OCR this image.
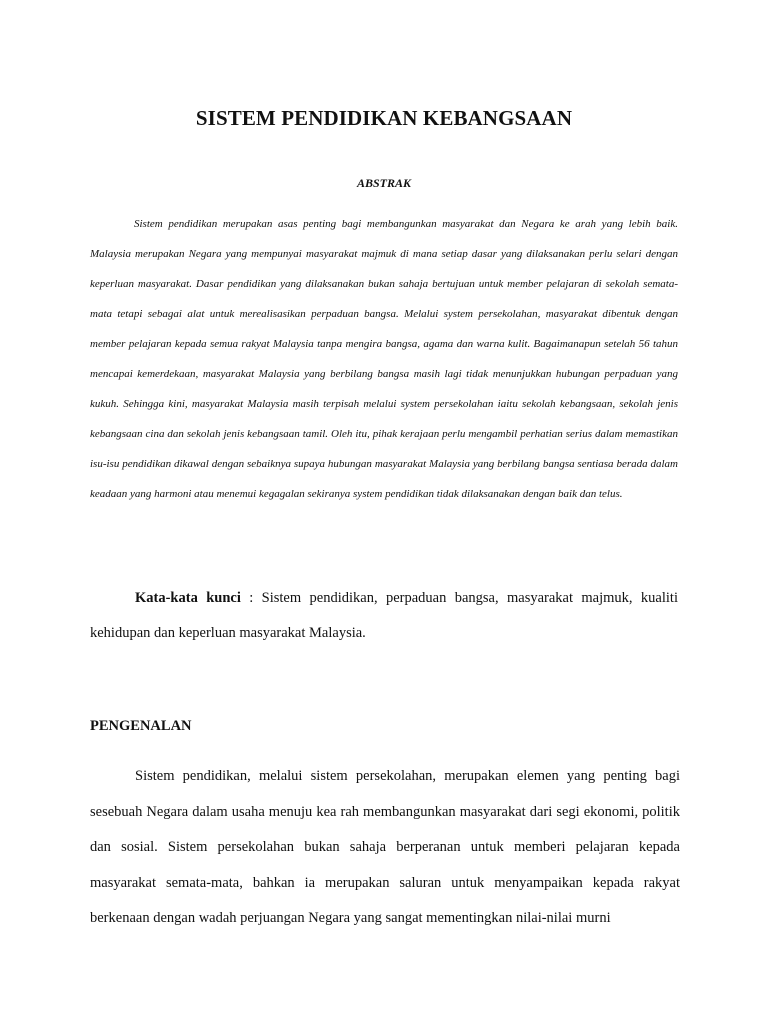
SISTEM PENDIDIKAN KEBANGSAAN
ABSTRAK

Sistem pendidikan merupakan asas penting bagi membangunkan masyarakat dan Negara ke arah yang lebih baik. Malaysia merupakan Negara yang mempunyai masyarakat majmuk di mana setiap dasar yang dilaksanakan perlu selari dengan keperluan masyarakat. Dasar pendidikan yang dilaksanakan bukan sahaja bertujuan untuk member pelajaran di sekolah semata-mata tetapi sebagai alat untuk merealisasikan perpaduan bangsa. Melalui system persekolahan, masyarakat dibentuk dengan member pelajaran kepada semua rakyat Malaysia tanpa mengira bangsa, agama dan warna kulit. Bagaimanapun setelah 56 tahun mencapai kemerdekaan, masyarakat Malaysia yang berbilang bangsa masih lagi tidak menunjukkan hubungan perpaduan yang kukuh. Sehingga kini, masyarakat Malaysia masih terpisah melalui system persekolahan iaitu sekolah kebangsaan, sekolah jenis kebangsaan cina dan sekolah jenis kebangsaan tamil. Oleh itu, pihak kerajaan perlu mengambil perhatian serius dalam memastikan isu-isu pendidikan dikawal dengan sebaiknya supaya hubungan masyarakat Malaysia yang berbilang bangsa sentiasa berada dalam keadaan yang harmoni atau menemui kegagalan sekiranya system pendidikan tidak dilaksanakan dengan baik dan telus.

Kata-kata kunci : Sistem pendidikan, perpaduan bangsa, masyarakat majmuk, kualiti kehidupan dan keperluan masyarakat Malaysia.

PENGENALAN

Sistem pendidikan, melalui sistem persekolahan, merupakan elemen yang penting bagi sesebuah Negara dalam usaha menuju kea rah membangunkan masyarakat dari segi ekonomi, politik dan sosial. Sistem persekolahan bukan sahaja berperanan untuk memberi pelajaran kepada masyarakat semata-mata, bahkan ia merupakan saluran untuk menyampaikan kepada rakyat berkenaan dengan wadah perjuangan Negara yang sangat mementingkan nilai-nilai murni
